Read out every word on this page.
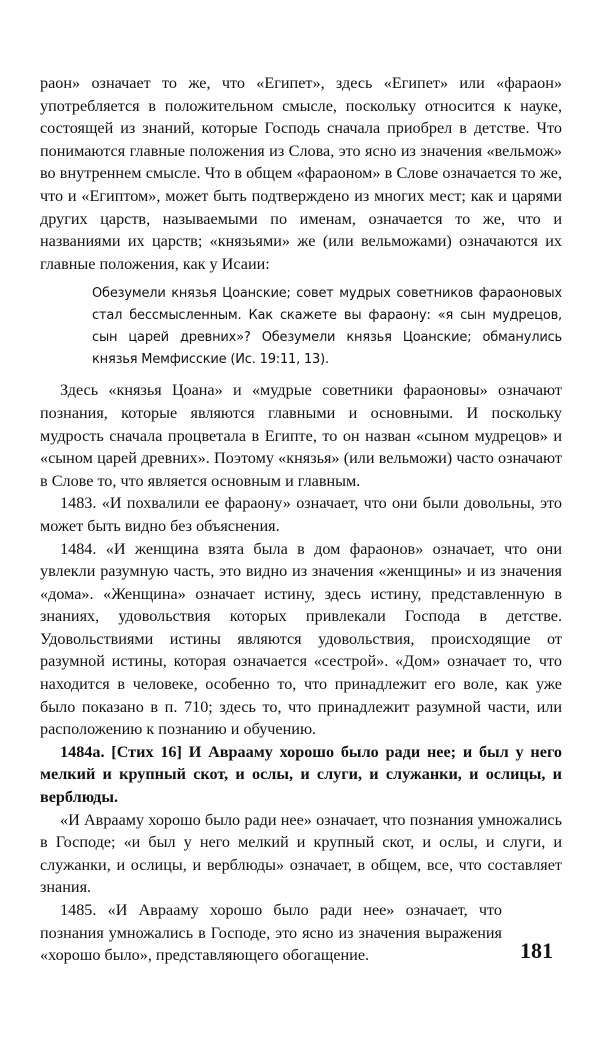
раон» означает то же, что «Египет», здесь «Египет» или «фараон» употребляется в положительном смысле, поскольку относится к науке, состоящей из знаний, которые Господь сначала приобрел в детстве. Что понимаются главные положения из Слова, это ясно из значения «вельмож» во внутреннем смысле. Что в общем «фараоном» в Слове означается то же, что и «Египтом», может быть подтверждено из многих мест; как и царями других царств, называемыми по именам, означается то же, что и названиями их царств; «князьями» же (или вельможами) означаются их главные положения, как у Исаии:

Обезумели князья Цоанские; совет мудрых советников фараоновых стал бессмысленным. Как скажете вы фараону: «я сын мудрецов, сын царей древних»? Обезумели князья Цоанские; обманулись князья Мемфисские (Ис. 19:11, 13).

Здесь «князья Цоана» и «мудрые советники фараоновы» означают познания, которые являются главными и основными. И поскольку мудрость сначала процветала в Египте, то он назван «сыном мудрецов» и «сыном царей древних». Поэтому «князья» (или вельможи) часто означают в Слове то, что является основным и главным.

1483. «И похвалили ее фараону» означает, что они были довольны, это может быть видно без объяснения.

1484. «И женщина взята была в дом фараонов» означает, что они увлекли разумную часть, это видно из значения «женщины» и из значения «дома». «Женщина» означает истину, здесь истину, представленную в знаниях, удовольствия которых привлекали Господа в детстве. Удовольствиями истины являются удовольствия, происходящие от разумной истины, которая означается «сестрой». «Дом» означает то, что находится в человеке, особенно то, что принадлежит его воле, как уже было показано в п. 710; здесь то, что принадлежит разумной части, или расположению к познанию и обучению.

1484а. [Стих 16] И Аврааму хорошо было ради нее; и был у него мелкий и крупный скот, и ослы, и слуги, и служанки, и ослицы, и верблюды.

«И Аврааму хорошо было ради нее» означает, что познания умножались в Господе; «и был у него мелкий и крупный скот, и ослы, и слуги, и служанки, и ослицы, и верблюды» означает, в общем, все, что составляет знания.

1485. «И Аврааму хорошо было ради нее» означает, что познания умножались в Господе, это ясно из значения выражения «хорошо было», представляющего обогащение.	181
